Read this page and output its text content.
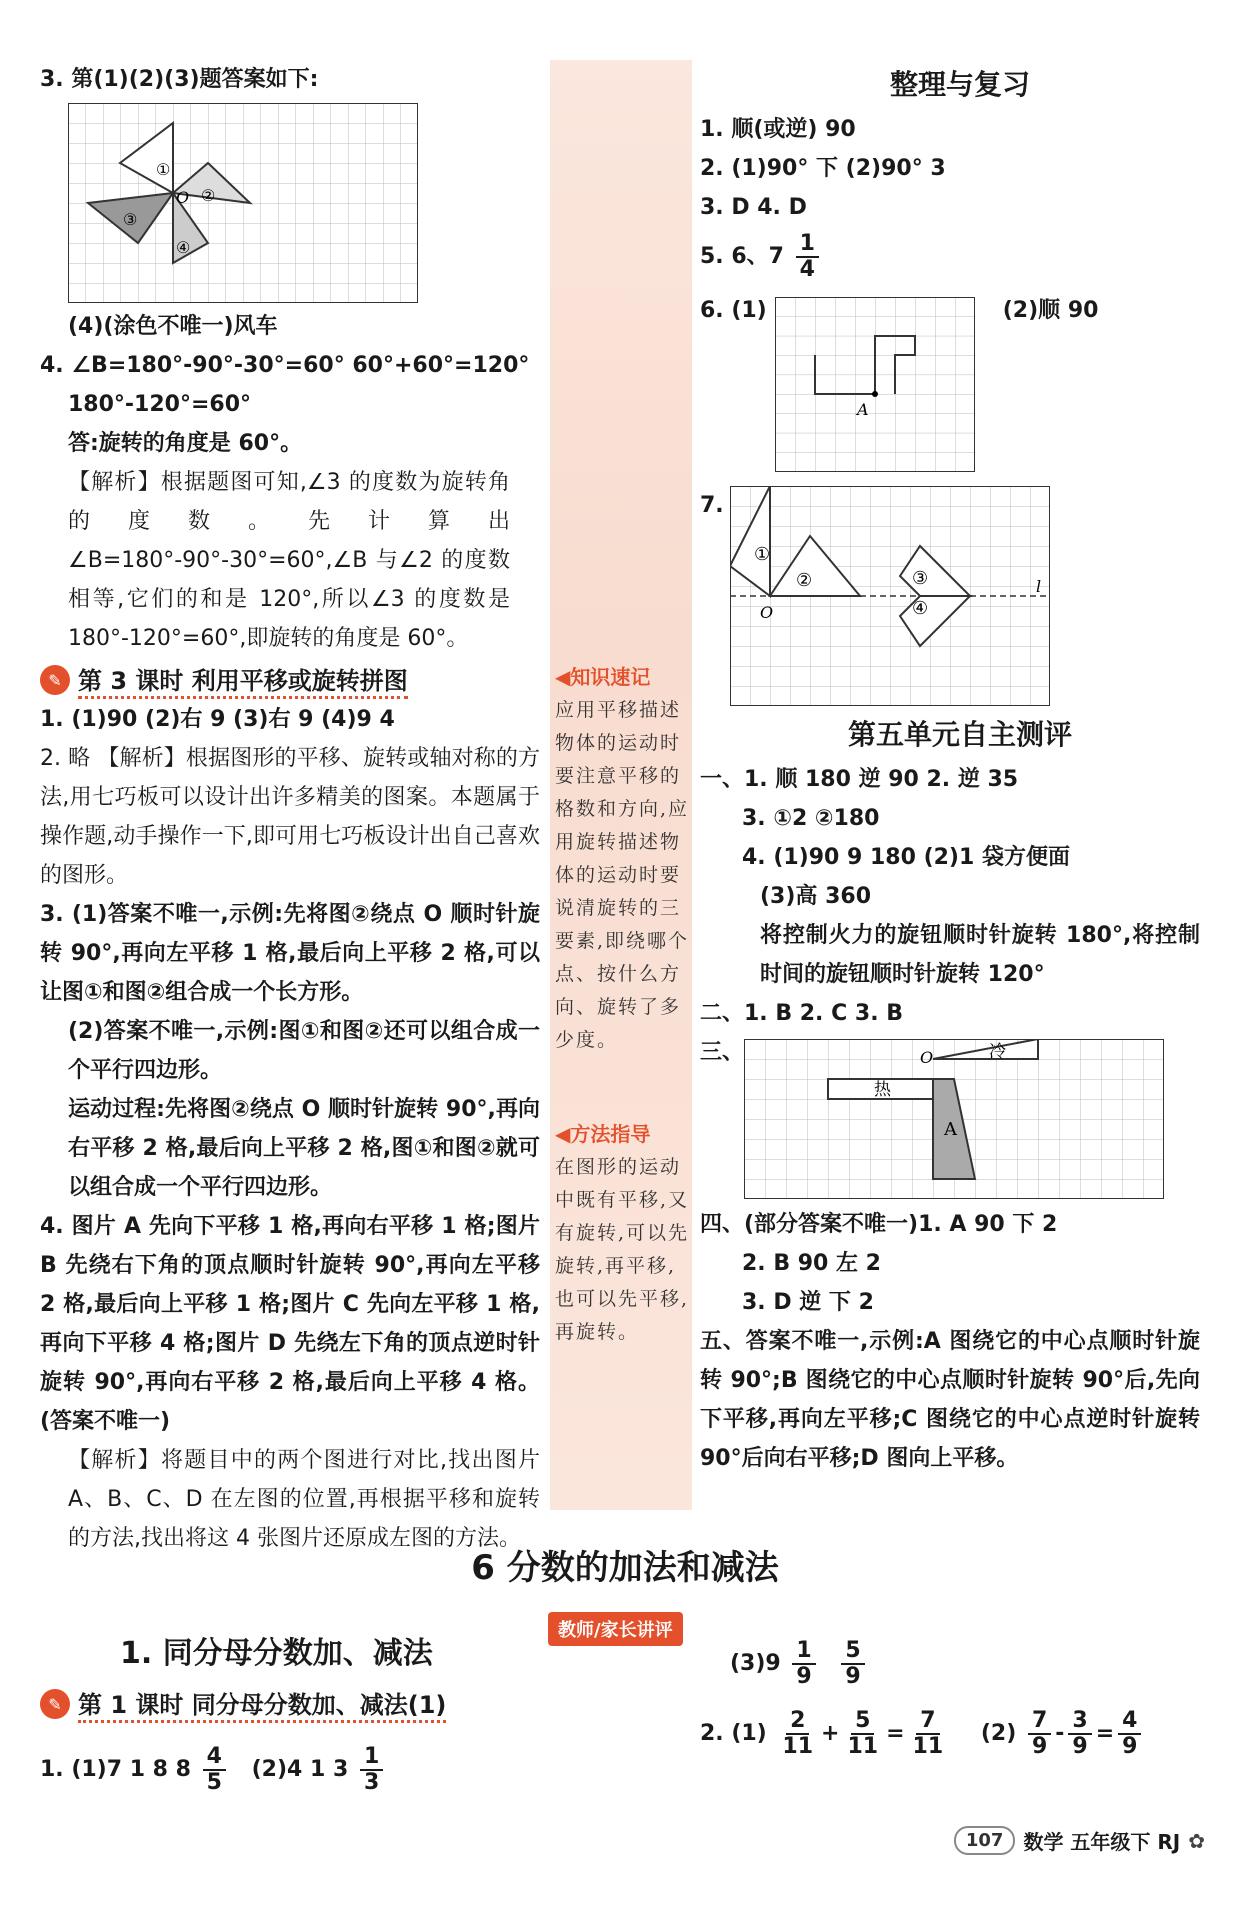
3. 第(1)(2)(3)题答案如下:
①
O ②
③
④
(4)(涂色不唯一)风车
4. ∠B=180°-90°-30°=60° 60°+60°=120°
180°-120°=60°
答:旋转的角度是 60°。
【解析】根据题图可知,∠3 的度数为旋转角的度数。先计算出∠B=180°-90°-30°=60°,∠B 与∠2 的度数相等,它们的和是 120°,所以∠3 的度数是 180°-120°=60°,即旋转的角度是 60°。
✎ 第 3 课时 利用平移或旋转拼图
1. (1)90 (2)右 9 (3)右 9 (4)9 4
2. 略 【解析】根据图形的平移、旋转或轴对称的方法,用七巧板可以设计出许多精美的图案。本题属于操作题,动手操作一下,即可用七巧板设计出自己喜欢的图形。
3. (1)答案不唯一,示例:先将图②绕点 O 顺时针旋转 90°,再向左平移 1 格,最后向上平移 2 格,可以让图①和图②组合成一个长方形。
(2)答案不唯一,示例:图①和图②还可以组合成一个平行四边形。
运动过程:先将图②绕点 O 顺时针旋转 90°,再向右平移 2 格,最后向上平移 2 格,图①和图②就可以组合成一个平行四边形。
4. 图片 A 先向下平移 1 格,再向右平移 1 格;图片 B 先绕右下角的顶点顺时针旋转 90°,再向左平移 2 格,最后向上平移 1 格;图片 C 先向左平移 1 格,再向下平移 4 格;图片 D 先绕左下角的顶点逆时针旋转 90°,再向右平移 2 格,最后向上平移 4 格。(答案不唯一)
【解析】将题目中的两个图进行对比,找出图片 A、B、C、D 在左图的位置,再根据平移和旋转的方法,找出将这 4 张图片还原成左图的方法。
◀知识速记
应用平移描述物体的运动时要注意平移的格数和方向,应用旋转描述物体的运动时要说清旋转的三要素,即绕哪个点、按什么方向、旋转了多少度。
◀方法指导
在图形的运动中既有平移,又有旋转,可以先旋转,再平移,也可以先平移,再旋转。
整理与复习
1. 顺(或逆) 90
2. (1)90° 下 (2)90° 3
3. D 4. D
5. 6、$7 \frac{1}{4}$
6. (1)
A
(2)顺 90
7.
①
②	③
④
O
l
第五单元自主测评
一、1. 顺 180 逆 90 2. 逆 35
3. ①2 ②180
4. (1)90 9 180 (2)1 袋方便面
(3)高 360
将控制火力的旋钮顺时针旋转 180°,将控制时间的旋钮顺时针旋转 120°
二、1. B 2. C 3. B
三、	O	冷
热
A
四、(部分答案不唯一)1. A 90 下 2
2. B 90 左 2
3. D 逆 下 2
五、答案不唯一,示例:A 图绕它的中心点顺时针旋转 90°;B 图绕它的中心点顺时针旋转 90°后,先向下平移,再向左平移;C 图绕它的中心点逆时针旋转 90°后向右平移;D 图向上平移。
6 分数的加法和减法
教师/家长讲评
1. 同分母分数加、减法
✎ 第 1 课时 同分母分数加、减法(1)
1. (1)7 1 8 $8 \frac{4}{5} (2)4$ 1 $3 \frac{1}{3}$
$(3)9 \frac{1}{9}$
$\frac{5}{9}$
2. $(1) \frac{2}{11} + \frac{5}{11} = \frac{7}{11} (2) \frac{7}{9} - \frac{3}{9} = \frac{4}{9}$
107	数学 五年级下 RJ ✿
